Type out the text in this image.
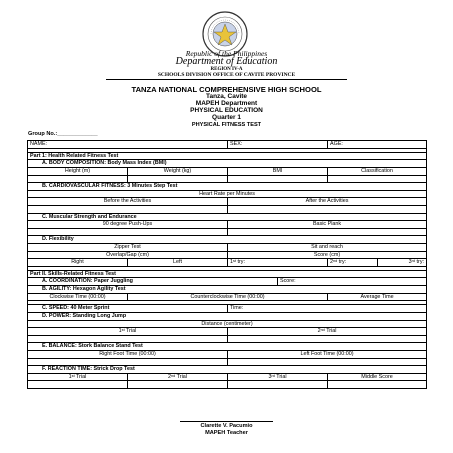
Republic of the Philippines
Department of Education
REGION IV-A
SCHOOLS DIVISION OFFICE OF CAVITE PROVINCE
TANZA NATIONAL COMPREHENSIVE HIGH SCHOOL
Tanza, Cavite
MAPEH Department
PHYSICAL EDUCATION
Quarter 1
PHYSICAL FITNESS TEST
Group No.:_____________
NAME:		SEX:		AGE:	

Part 1: Health Related Fitness Test					
A. BODY COMPOSITION: Body Mass Index (BMI)					
Height (m)	Weight (kg)	BMI		Classification	

B. CARDIOVASCULAR FITNESS: 3 Minutes Step Test					
Heart Rate per Minutes					
Before the Activities		After the Activities			

C. Muscular Strength and Endurance					
90 degree Push-Ups		Basic Plank			

D. Flexibility					
Zipper Test		Sit and reach			
Overlap/Gap (cm)		Score (cm)			
Right	Left	1st try:		2nd try:	3rd try:

Part II. Skills-Related Fitness Test					
A. COORDINATION: Paper Juggling			Score:		
B. AGILITY: Hexagon Agility Test					
Clockwise Time (00:00)	Counterclockwise Time (00:00)			Average Time	

C. SPEED: 40 Meter Sprint		Time:			
D. POWER: Standing Long Jump					
Distance (centimeter)					
1st Trial		2nd Trial			

E. BALANCE: Stork Balance Stand Test					
Right Foot Time (00:00)		Left Foot Time (00:00)			

F. REACTION TIME: Strick Drop Test					
1st Trial	2nd Trial	3rd Trial		Middle Score	

Clarette V. Pacumio
MAPEH Teacher
